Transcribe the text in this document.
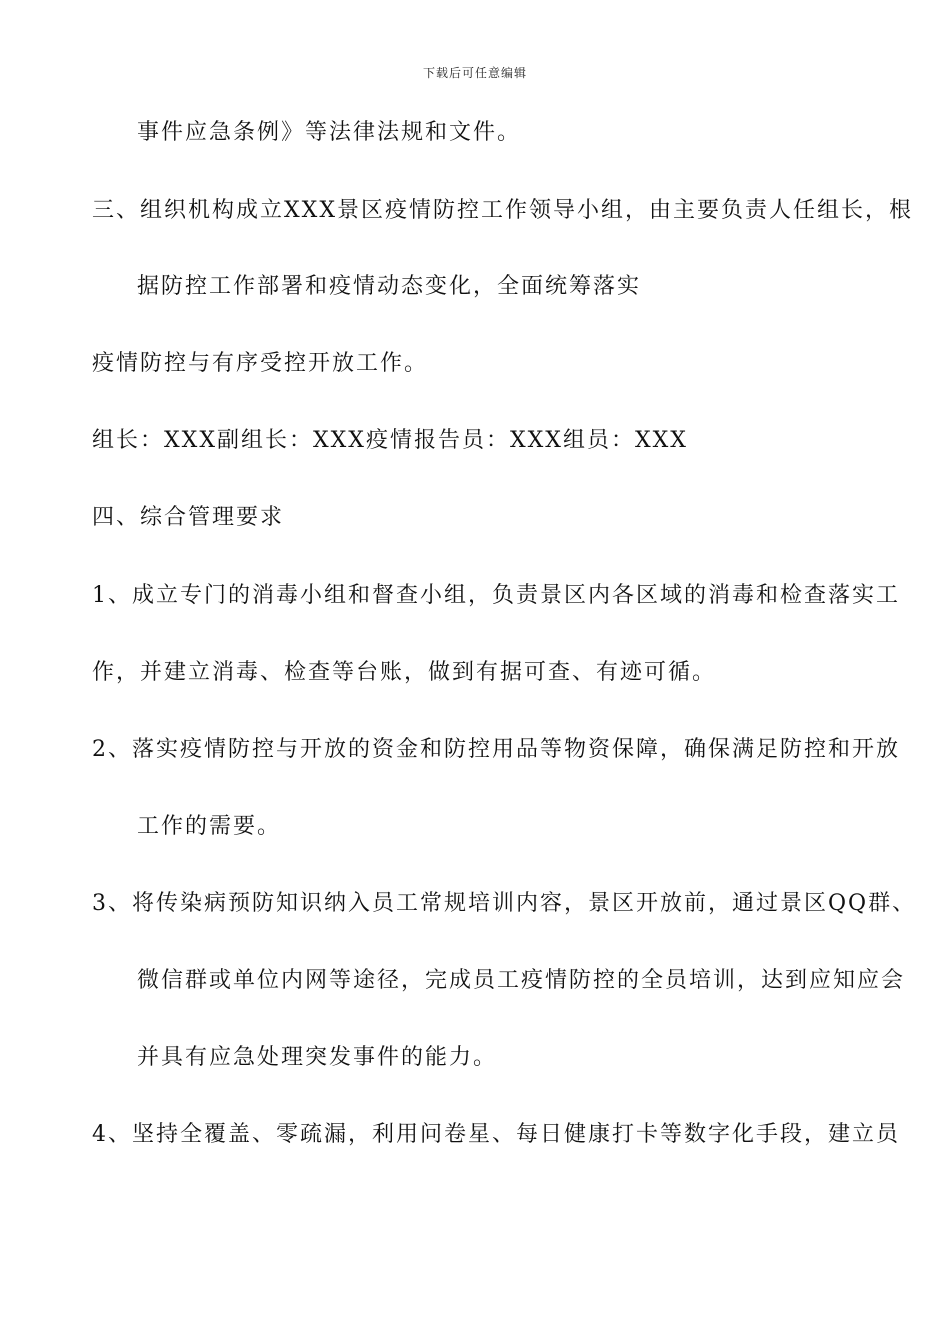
下载后可任意编辑
事件应急条例》等法律法规和文件。
三、组织机构成立XXX景区疫情防控工作领导小组，由主要负责人任组长，根
据防控工作部署和疫情动态变化，全面统筹落实
疫情防控与有序受控开放工作。
组长：XXX副组长：XXX疫情报告员：XXX组员：XXX
四、综合管理要求
1、成立专门的消毒小组和督查小组，负责景区内各区域的消毒和检查落实工
作，并建立消毒、检查等台账，做到有据可查、有迹可循。
2、落实疫情防控与开放的资金和防控用品等物资保障，确保满足防控和开放
工作的需要。
3、将传染病预防知识纳入员工常规培训内容，景区开放前，通过景区QQ群、
微信群或单位内网等途径，完成员工疫情防控的全员培训，达到应知应会
并具有应急处理突发事件的能力。
4、坚持全覆盖、零疏漏，利用问卷星、每日健康打卡等数字化手段，建立员
